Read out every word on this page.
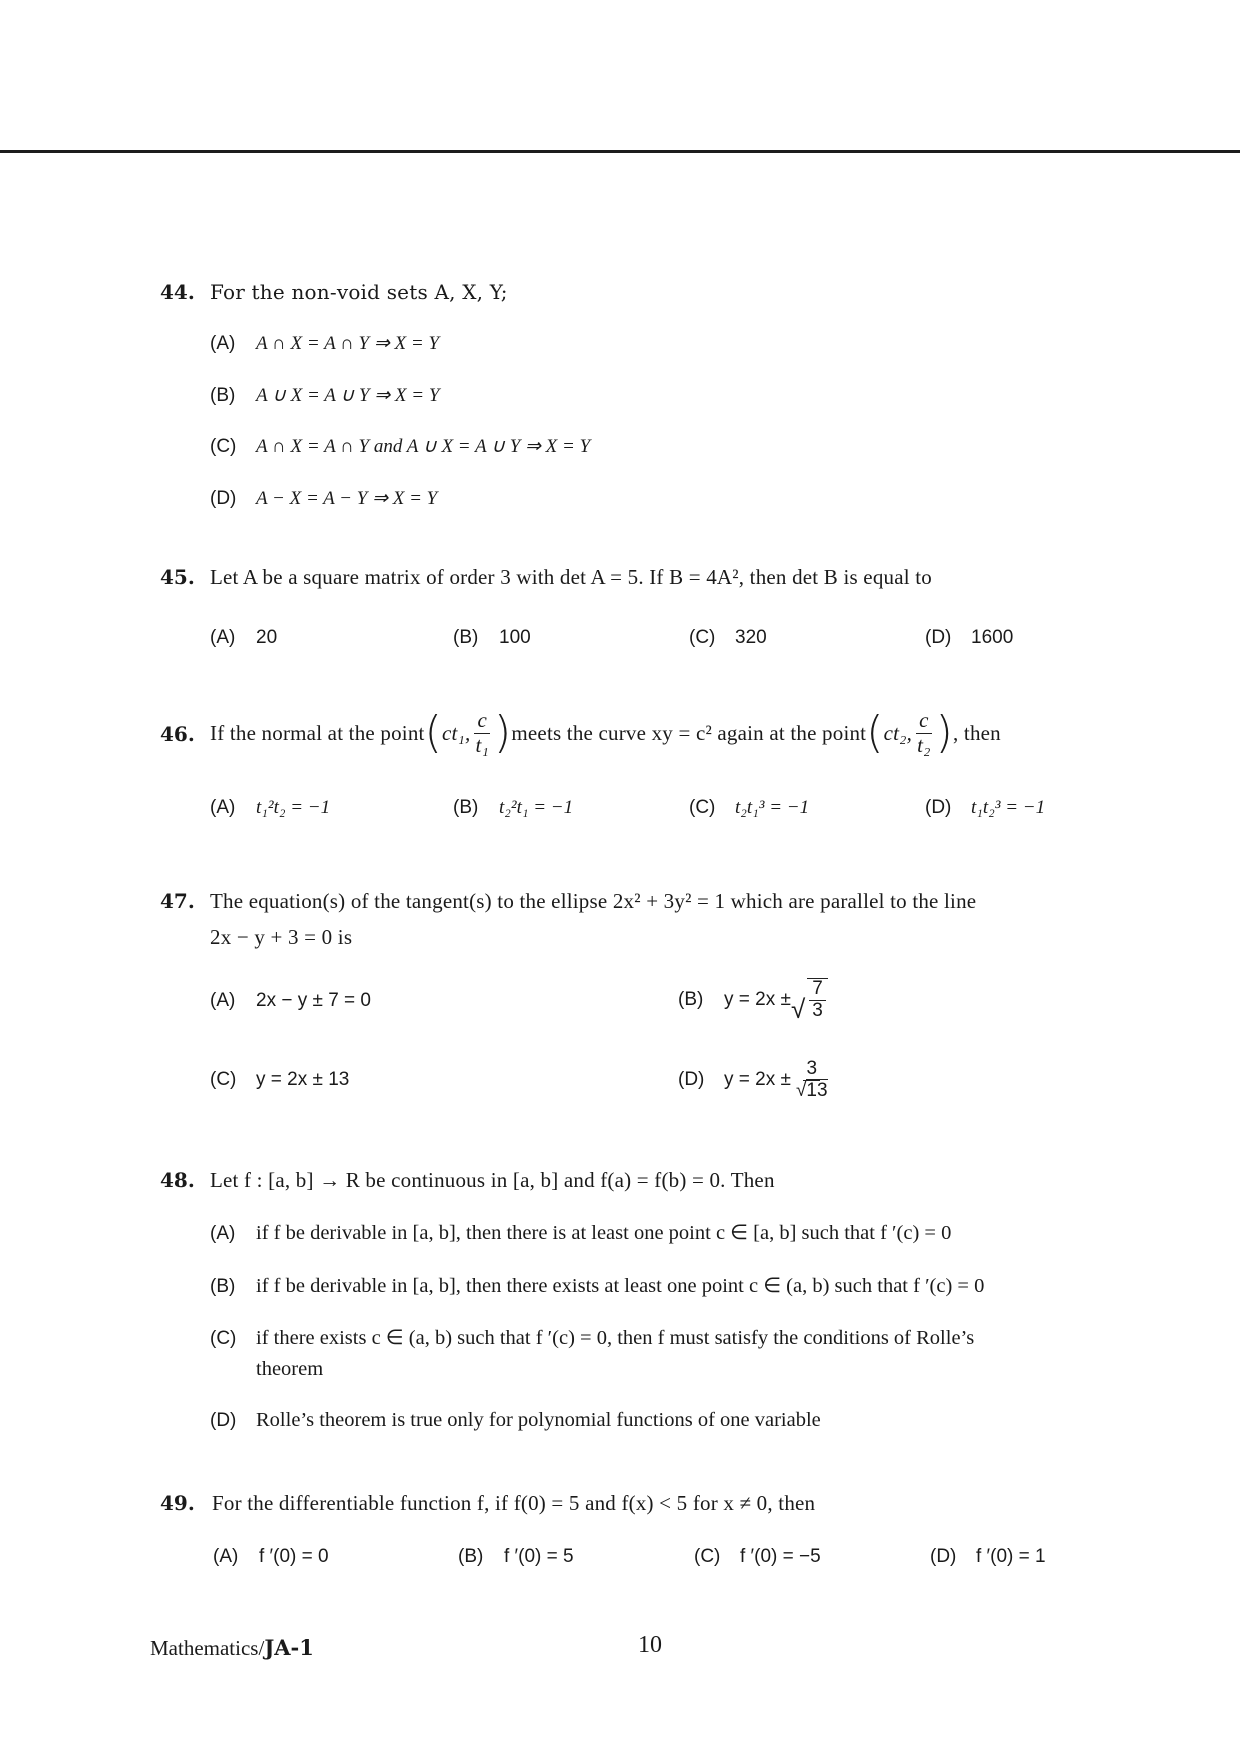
44. For the non-void sets A, X, Y;
(A) A ∩ X = A ∩ Y ⇒ X = Y
(B) A ∪ X = A ∪ Y ⇒ X = Y
(C) A ∩ X = A ∩ Y and A ∪ X = A ∪ Y ⇒ X = Y
(D) A − X = A − Y ⇒ X = Y
45. Let A be a square matrix of order 3 with det A = 5. If B = 4A², then det B is equal to
(A) 20	(B) 100	(C) 320	(D) 1600
46. If the normal at the point ( ct₁, $\frac{c}{\text{t₁}}$ ) meets the curve xy = c² again at the point ( ct₂, $\frac{c}{\text{t₂}}$ ) , then
(A) t₁²t₂ = −1	(B) t₂²t₁ = −1	(C) t₂t₁³ = −1	(D) t₁t₂³ = −1
47. The equation(s) of the tangent(s) to the ellipse 2x² + 3y² = 1 which are parallel to the line
2x − y + 3 = 0 is
(A) 2x − y ± 7 = 0	(B)	y = 2x ± √ $\frac{7}{3}$
(C) y = 2x ± 13	(D)	$y = 2x \pm \frac{3}{√13}$
48. Let f : [a, b] → R be continuous in [a, b] and f(a) = f(b) = 0. Then
(A) if f be derivable in [a, b], then there is at least one point c ∈ [a, b] such that f ′(c) = 0
(B) if f be derivable in [a, b], then there exists at least one point c ∈ (a, b) such that f ′(c) = 0
(C) if there exists c ∈ (a, b) such that f ′(c) = 0, then f must satisfy the conditions of Rolle’s
theorem
(D) Rolle’s theorem is true only for polynomial functions of one variable
49. For the differentiable function f, if f(0) = 5 and f(x) < 5 for x ≠ 0, then
(A) f ′(0) = 0	(B) f ′(0) = 5	(C) f ′(0) = −5	(D) f ′(0) = 1
Mathematics/JA-1	10
